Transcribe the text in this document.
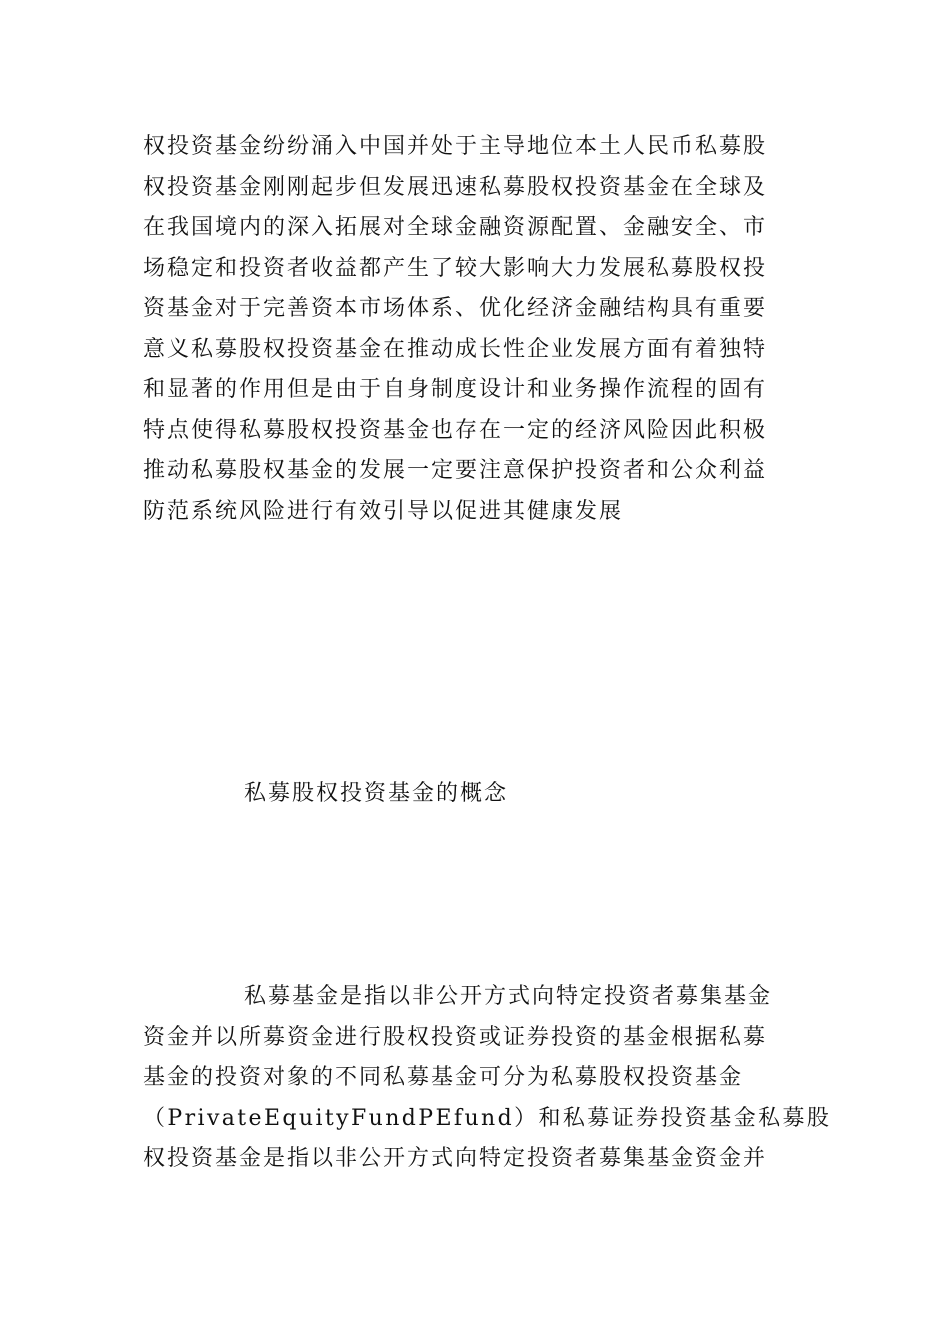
权投资基金纷纷涌入中国并处于主导地位本土人民币私募股
权投资基金刚刚起步但发展迅速私募股权投资基金在全球及
在我国境内的深入拓展对全球金融资源配置、金融安全、市
场稳定和投资者收益都产生了较大影响大力发展私募股权投
资基金对于完善资本市场体系、优化经济金融结构具有重要
意义私募股权投资基金在推动成长性企业发展方面有着独特
和显著的作用但是由于自身制度设计和业务操作流程的固有
特点使得私募股权投资基金也存在一定的经济风险因此积极
推动私募股权基金的发展一定要注意保护投资者和公众利益
防范系统风险进行有效引导以促进其健康发展
私募股权投资基金的概念
私募基金是指以非公开方式向特定投资者募集基金
资金并以所募资金进行股权投资或证券投资的基金根据私募
基金的投资对象的不同私募基金可分为私募股权投资基金
（PrivateEquityFundPEfund）和私募证券投资基金私募股
权投资基金是指以非公开方式向特定投资者募集基金资金并
